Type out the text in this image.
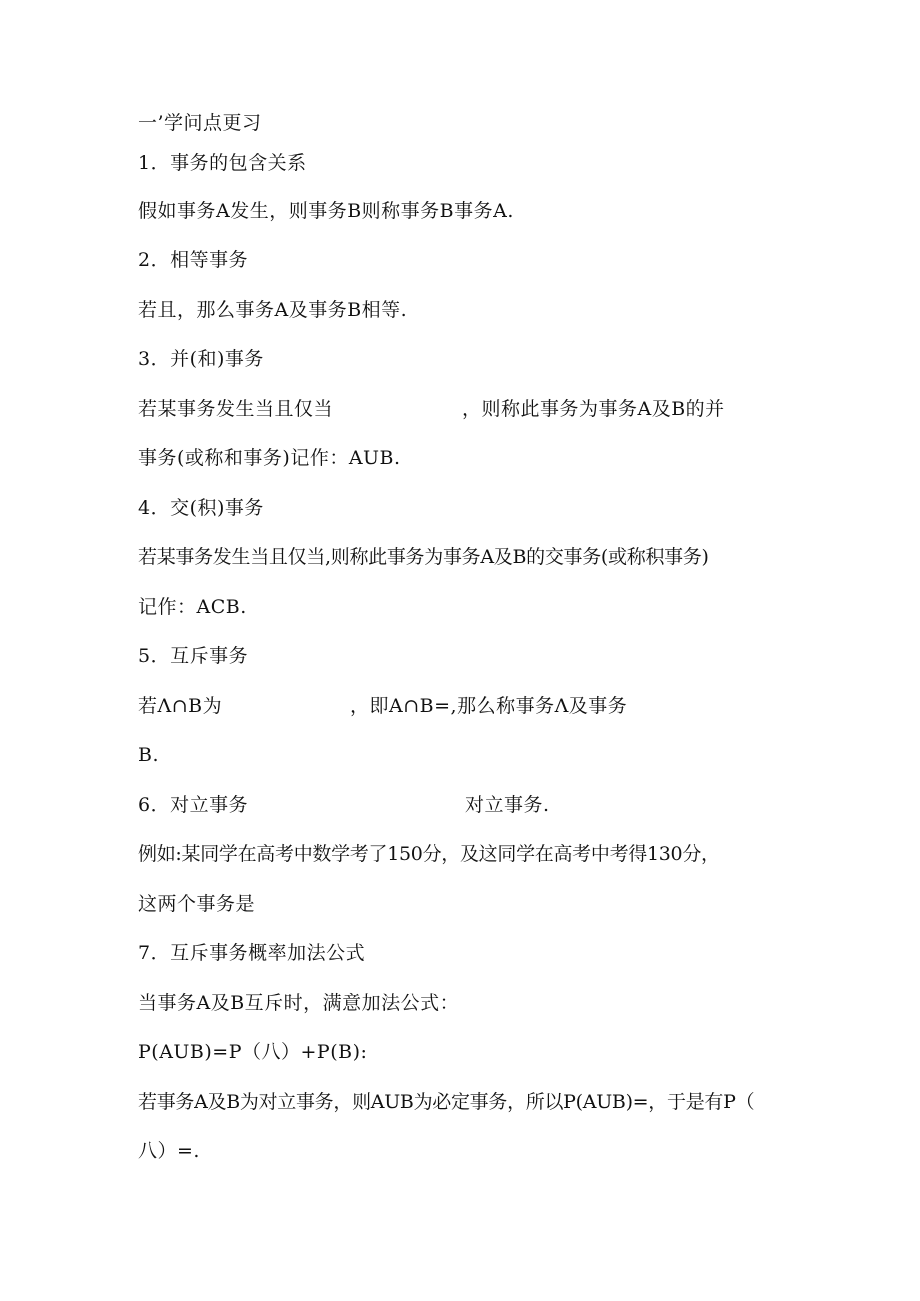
一’学问点更习
1．事务的包含关系
假如事务A发生，则事务B则称事务B事务A.
2．相等事务
若且，那么事务A及事务B相等.
3．并(和)事务
若某事务发生当且仅当	，则称此事务为事务A及B的并
事务(或称和事务)记作：AUB.
4．交(积)事务
若某事务发生当且仅当,则称此事务为事务A及B的交事务(或称积事务)
记作：ACB.
5．互斥事务
若Λ∩B为	，即A∩B=,那么称事务Λ及事务
B.
6．对立事务	对立事务.
例如:某同学在高考中数学考了150分，及这同学在高考中考得130分，
这两个事务是
7．互斥事务概率加法公式
当事务A及B互斥时，满意加法公式：
P(AUB)=P（八）+P(B):
若事务A及B为对立事务，则AUB为必定事务，所以P(AUB)=，于是有P（
八）=.
